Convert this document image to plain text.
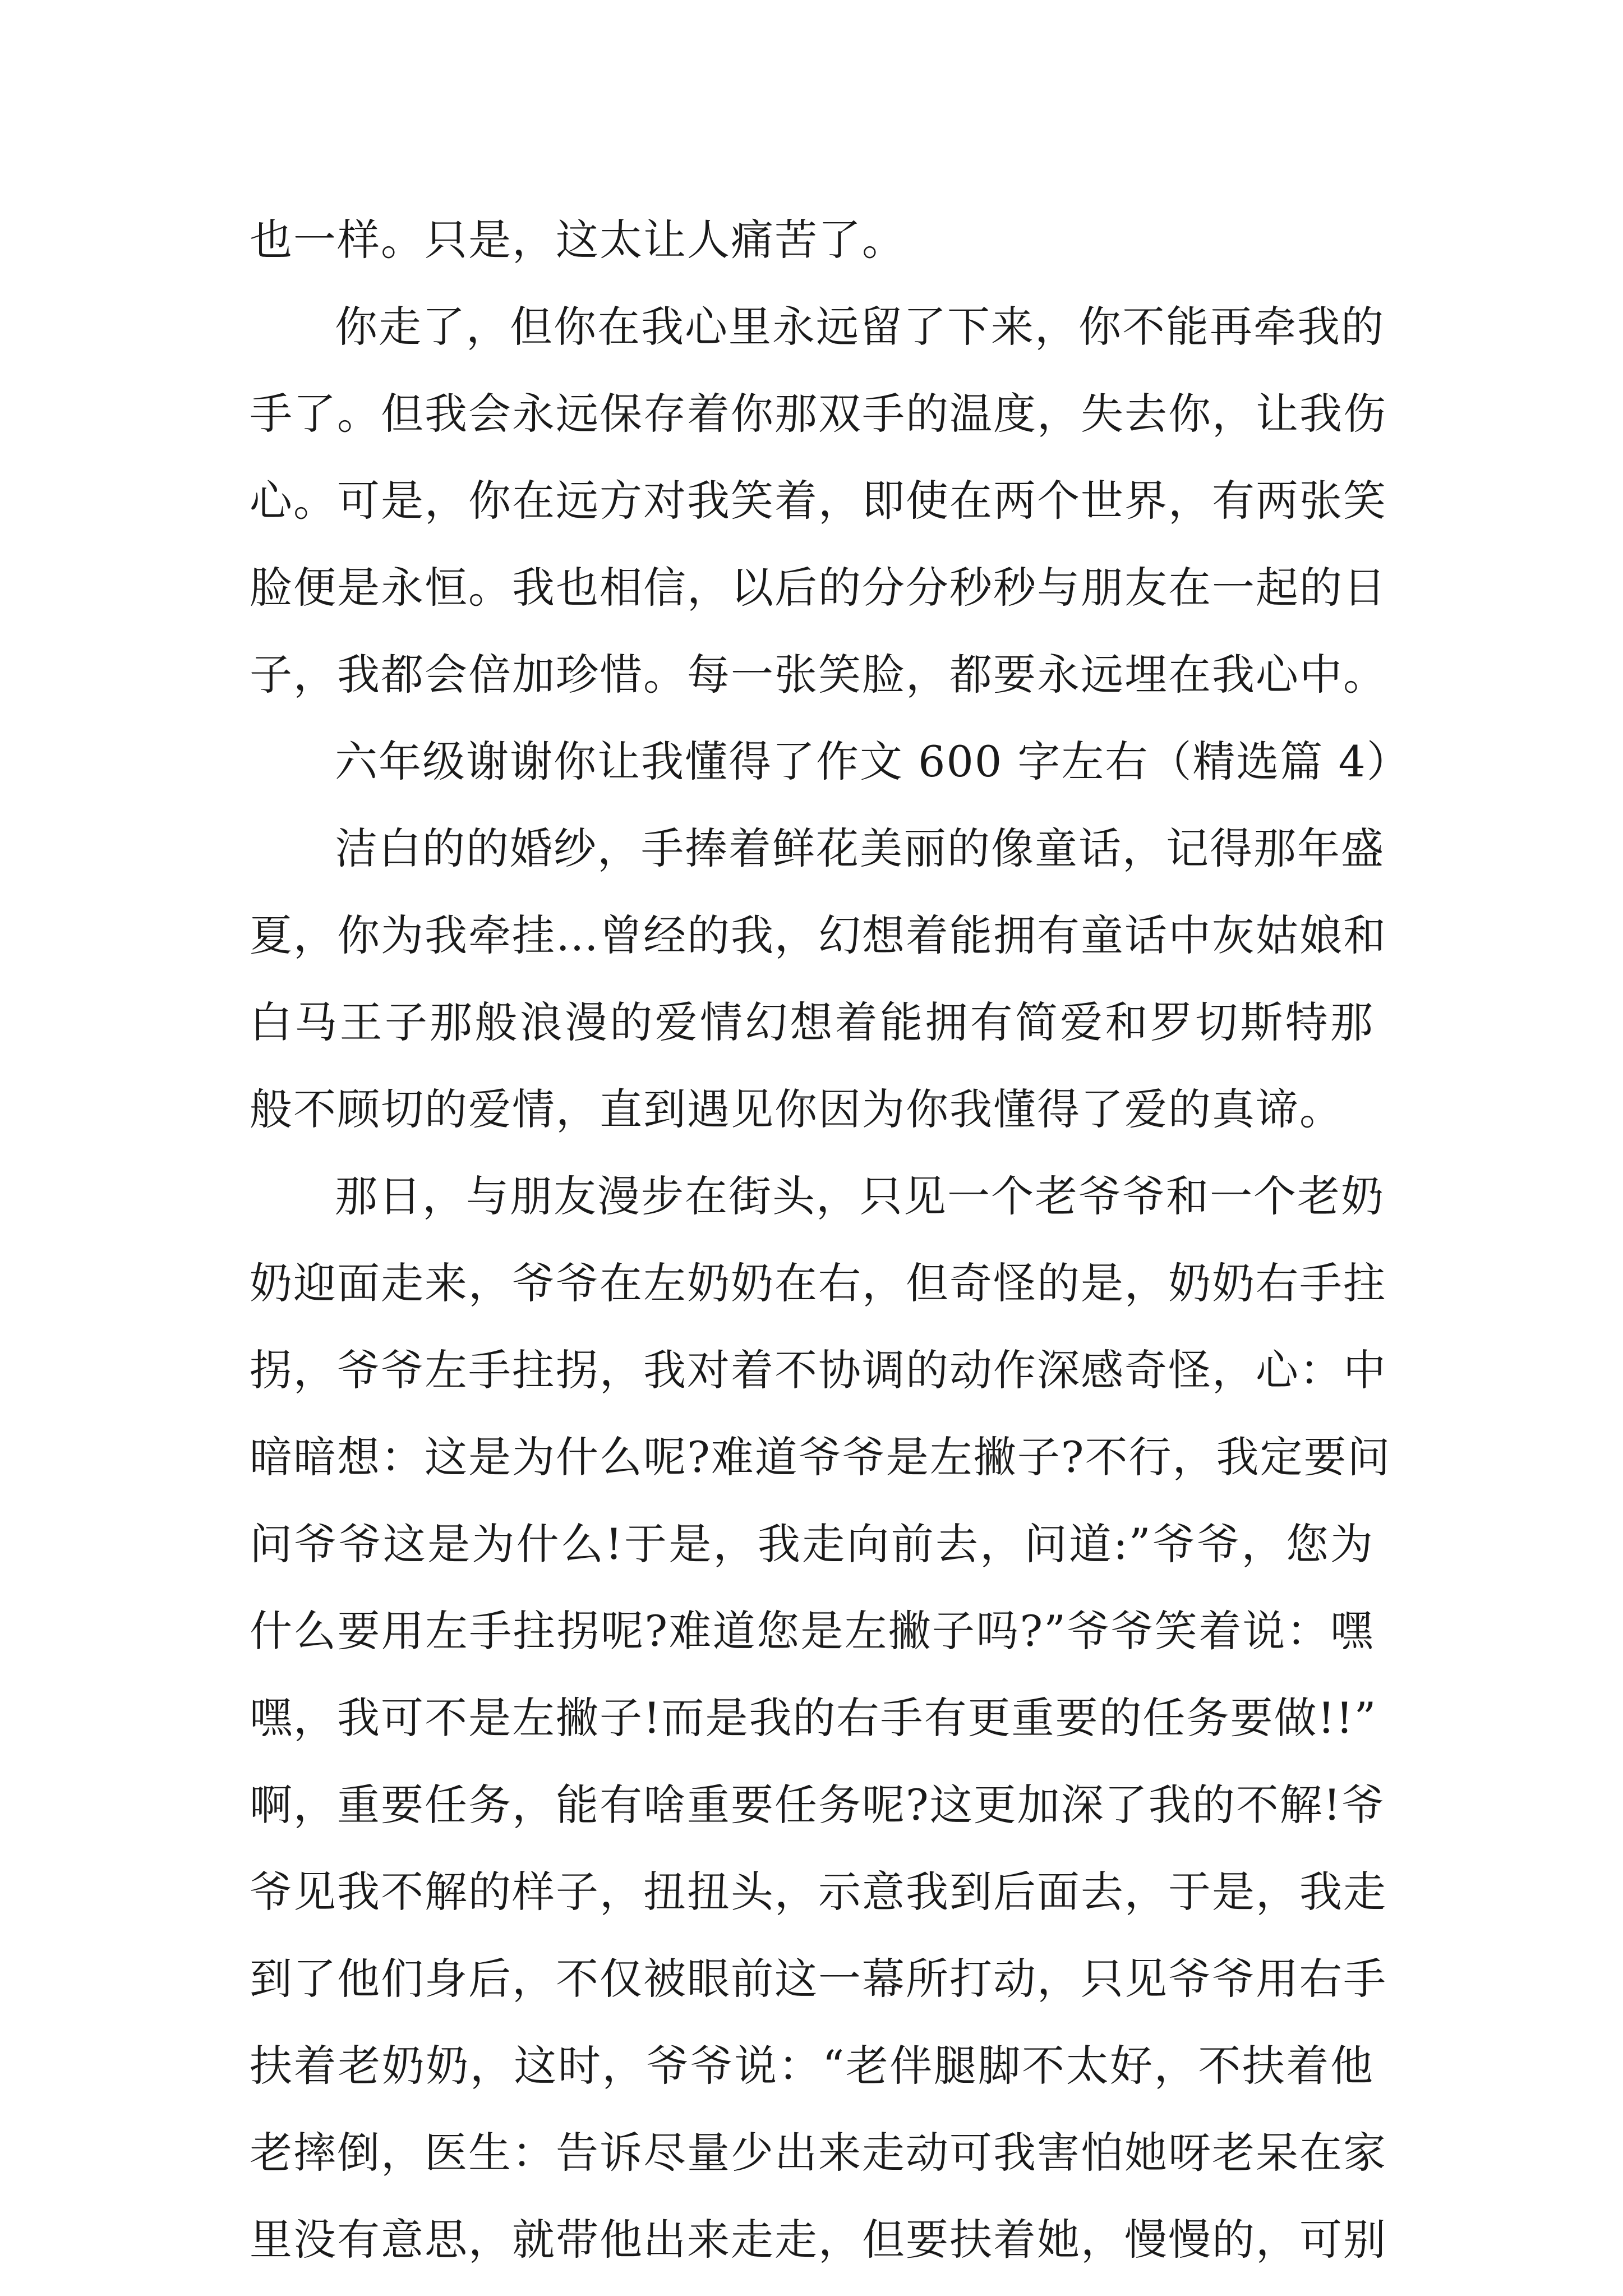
也一样。只是，这太让人痛苦了。
你走了，但你在我心里永远留了下来，你不能再牵我的
手了。但我会永远保存着你那双手的温度，失去你，让我伤
心。可是，你在远方对我笑着，即使在两个世界，有两张笑
脸便是永恒。我也相信，以后的分分秒秒与朋友在一起的日
子，我都会倍加珍惜。每一张笑脸，都要永远埋在我心中。
六年级谢谢你让我懂得了作文 600 字左右（精选篇 4）
洁白的的婚纱，手捧着鲜花美丽的像童话，记得那年盛
夏，你为我牵挂…曾经的我，幻想着能拥有童话中灰姑娘和
白马王子那般浪漫的爱情幻想着能拥有简爱和罗切斯特那
般不顾切的爱情，直到遇见你因为你我懂得了爱的真谛。
那日，与朋友漫步在街头，只见一个老爷爷和一个老奶
奶迎面走来，爷爷在左奶奶在右，但奇怪的是，奶奶右手拄
拐，爷爷左手拄拐，我对着不协调的动作深感奇怪，心：中
暗暗想：这是为什么呢?难道爷爷是左撇子?不行，我定要问
问爷爷这是为什么!于是，我走向前去，问道:”爷爷，您为
什么要用左手拄拐呢?难道您是左撇子吗?”爷爷笑着说：嘿
嘿，我可不是左撇子!而是我的右手有更重要的任务要做!!”
啊，重要任务，能有啥重要任务呢?这更加深了我的不解!爷
爷见我不解的样子，扭扭头，示意我到后面去，于是，我走
到了他们身后，不仅被眼前这一幕所打动，只见爷爷用右手
扶着老奶奶，这时，爷爷说：“老伴腿脚不太好，不扶着他
老摔倒，医生：告诉尽量少出来走动可我害怕她呀老呆在家
里没有意思，就带他出来走走，但要扶着她，慢慢的，可别
